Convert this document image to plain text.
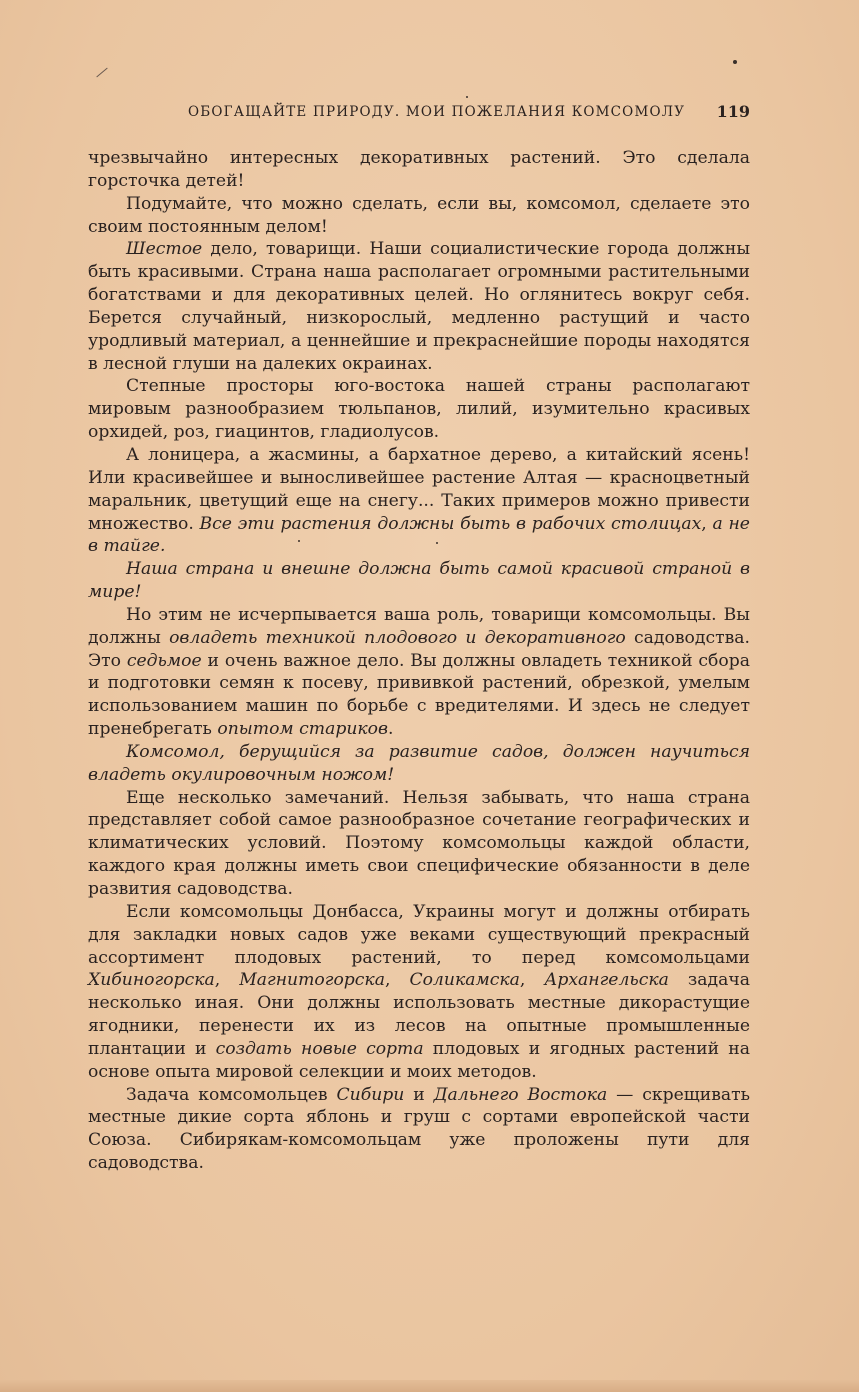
ОБОГАЩАЙТЕ ПРИРОДУ. МОИ ПОЖЕЛАНИЯ КОМСОМОЛУ 119

чрезвычайно интересных декоративных растений. Это сделала горсточка детей!

Подумайте, что можно сделать, если вы, комсомол, сделаете это своим постоянным делом!

Шестое дело, товарищи. Наши социалистические города должны быть красивыми. Страна наша располагает огромными растительными богатствами и для декоративных целей. Но оглянитесь вокруг себя. Берется случайный, низкорослый, медленно растущий и часто уродливый материал, а ценнейшие и прекраснейшие породы находятся в лесной глуши на далеких окраинах.

Степные просторы юго-востока нашей страны располагают мировым разнообразием тюльпанов, лилий, изумительно красивых орхидей, роз, гиацинтов, гладиолусов.

А лоницера, а жасмины, а бархатное дерево, а китайский ясень! Или красивейшее и выносливейшее растение Алтая — красноцветный маральник, цветущий еще на снегу... Таких примеров можно привести множество. Все эти растения должны быть в рабочих столицах, а не в тайге.

Наша страна и внешне должна быть самой красивой страной в мире!

Но этим не исчерпывается ваша роль, товарищи комсомольцы. Вы должны овладеть техникой плодового и декоративного садоводства. Это седьмое и очень важное дело. Вы должны овладеть техникой сбора и подготовки семян к посеву, прививкой растений, обрезкой, умелым использованием машин по борьбе с вредителями. И здесь не следует пренебрегать опытом стариков.

Комсомол, берущийся за развитие садов, должен научиться владеть окулировочным ножом!

Еще несколько замечаний. Нельзя забывать, что наша страна представляет собой самое разнообразное сочетание географических и климатических условий. Поэтому комсомольцы каждой области, каждого края должны иметь свои специфические обязанности в деле развития садоводства.

Если комсомольцы Донбасса, Украины могут и должны отбирать для закладки новых садов уже веками существующий прекрасный ассортимент плодовых растений, то перед комсомольцами Хибиногорска, Магнитогорска, Соликамска, Архангельска задача несколько иная. Они должны использовать местные дикорастущие ягодники, перенести их из лесов на опытные промышленные плантации и создать новые сорта плодовых и ягодных растений на основе опыта мировой селекции и моих методов.

Задача комсомольцев Сибири и Дальнего Востока — скрещивать местные дикие сорта яблонь и груш с сортами европейской части Союза. Сибирякам-комсомольцам уже проложены пути для садоводства.
